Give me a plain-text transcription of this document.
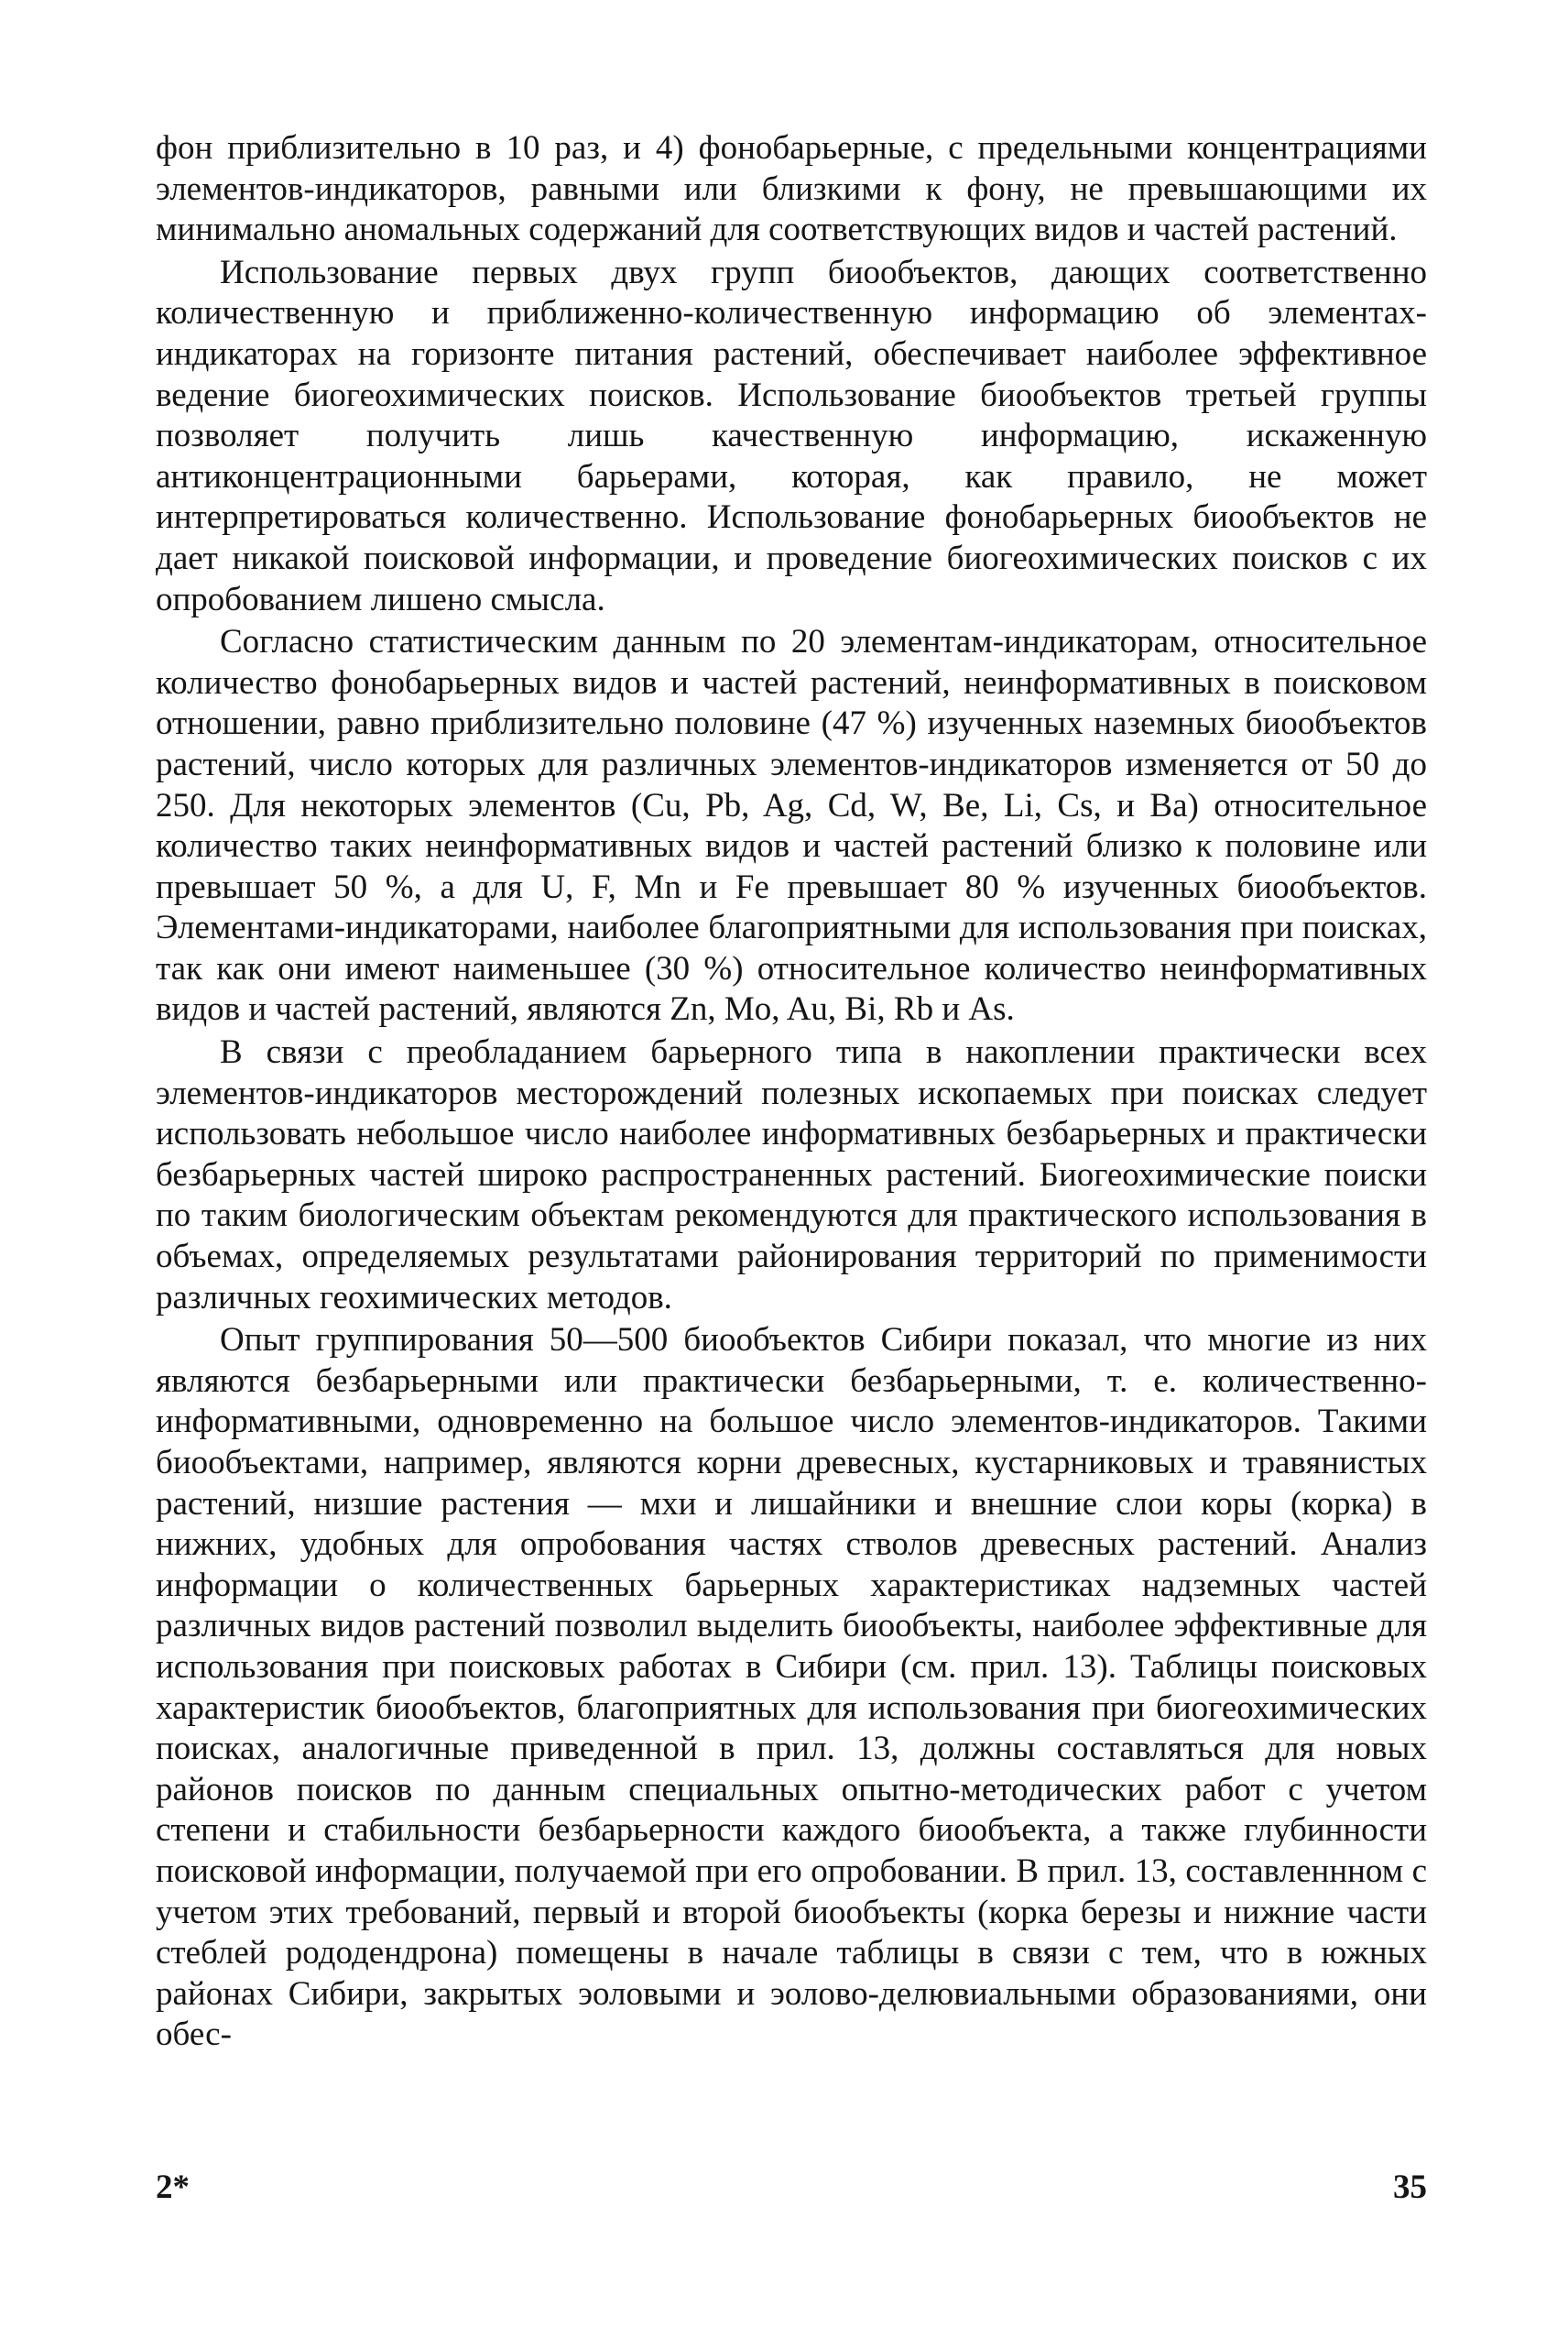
фон приблизительно в 10 раз, и 4) фонобарьерные, с предельными концентрациями элементов-индикаторов, равными или близкими к фону, не превышающими их минимально аномальных содержаний для соответствующих видов и частей растений.

Использование первых двух групп биообъектов, дающих соответственно количественную и приближенно-количественную информацию об элементах-индикаторах на горизонте питания растений, обеспечивает наиболее эффективное ведение биогеохимических поисков. Использование биообъектов третьей группы позволяет получить лишь качественную информацию, искаженную антиконцентрационными барьерами, которая, как правило, не может интерпретироваться количественно. Использование фонобарьерных биообъектов не дает никакой поисковой информации, и проведение биогеохимических поисков с их опробованием лишено смысла.

Согласно статистическим данным по 20 элементам-индикаторам, относительное количество фонобарьерных видов и частей растений, неинформативных в поисковом отношении, равно приблизительно половине (47 %) изученных наземных биообъектов растений, число которых для различных элементов-индикаторов изменяется от 50 до 250. Для некоторых элементов (Cu, Pb, Ag, Cd, W, Be, Li, Cs, и Ba) относительное количество таких неинформативных видов и частей растений близко к половине или превышает 50 %, а для U, F, Mn и Fe превышает 80 % изученных биообъектов. Элементами-индикаторами, наиболее благоприятными для использования при поисках, так как они имеют наименьшее (30 %) относительное количество неинформативных видов и частей растений, являются Zn, Mo, Au, Bi, Rb и As.

В связи с преобладанием барьерного типа в накоплении практически всех элементов-индикаторов месторождений полезных ископаемых при поисках следует использовать небольшое число наиболее информативных безбарьерных и практически безбарьерных частей широко распространенных растений. Биогеохимические поиски по таким биологическим объектам рекомендуются для практического использования в объемах, определяемых результатами районирования территорий по применимости различных геохимических методов.

Опыт группирования 50—500 биообъектов Сибири показал, что многие из них являются безбарьерными или практически безбарьерными, т. е. количественно-информативными, одновременно на большое число элементов-индикаторов. Такими биообъектами, например, являются корни древесных, кустарниковых и травянистых растений, низшие растения — мхи и лишайники и внешние слои коры (корка) в нижних, удобных для опробования частях стволов древесных растений. Анализ информации о количественных барьерных характеристиках надземных частей различных видов растений позволил выделить биообъекты, наиболее эффективные для использования при поисковых работах в Сибири (см. прил. 13). Таблицы поисковых характеристик биообъектов, благоприятных для использования при биогеохимических поисках, аналогичные приведенной в прил. 13, должны составляться для новых районов поисков по данным специальных опытно-методических работ с учетом степени и стабильности безбарьерности каждого биообъекта, а также глубинности поисковой информации, получаемой при его опробовании. В прил. 13, составленнном с учетом этих требований, первый и второй биообъекты (корка березы и нижние части стеблей рододендрона) помещены в начале таблицы в связи с тем, что в южных районах Сибири, закрытых эоловыми и эолово-делювиальными образованиями, они обес-

2*	35
